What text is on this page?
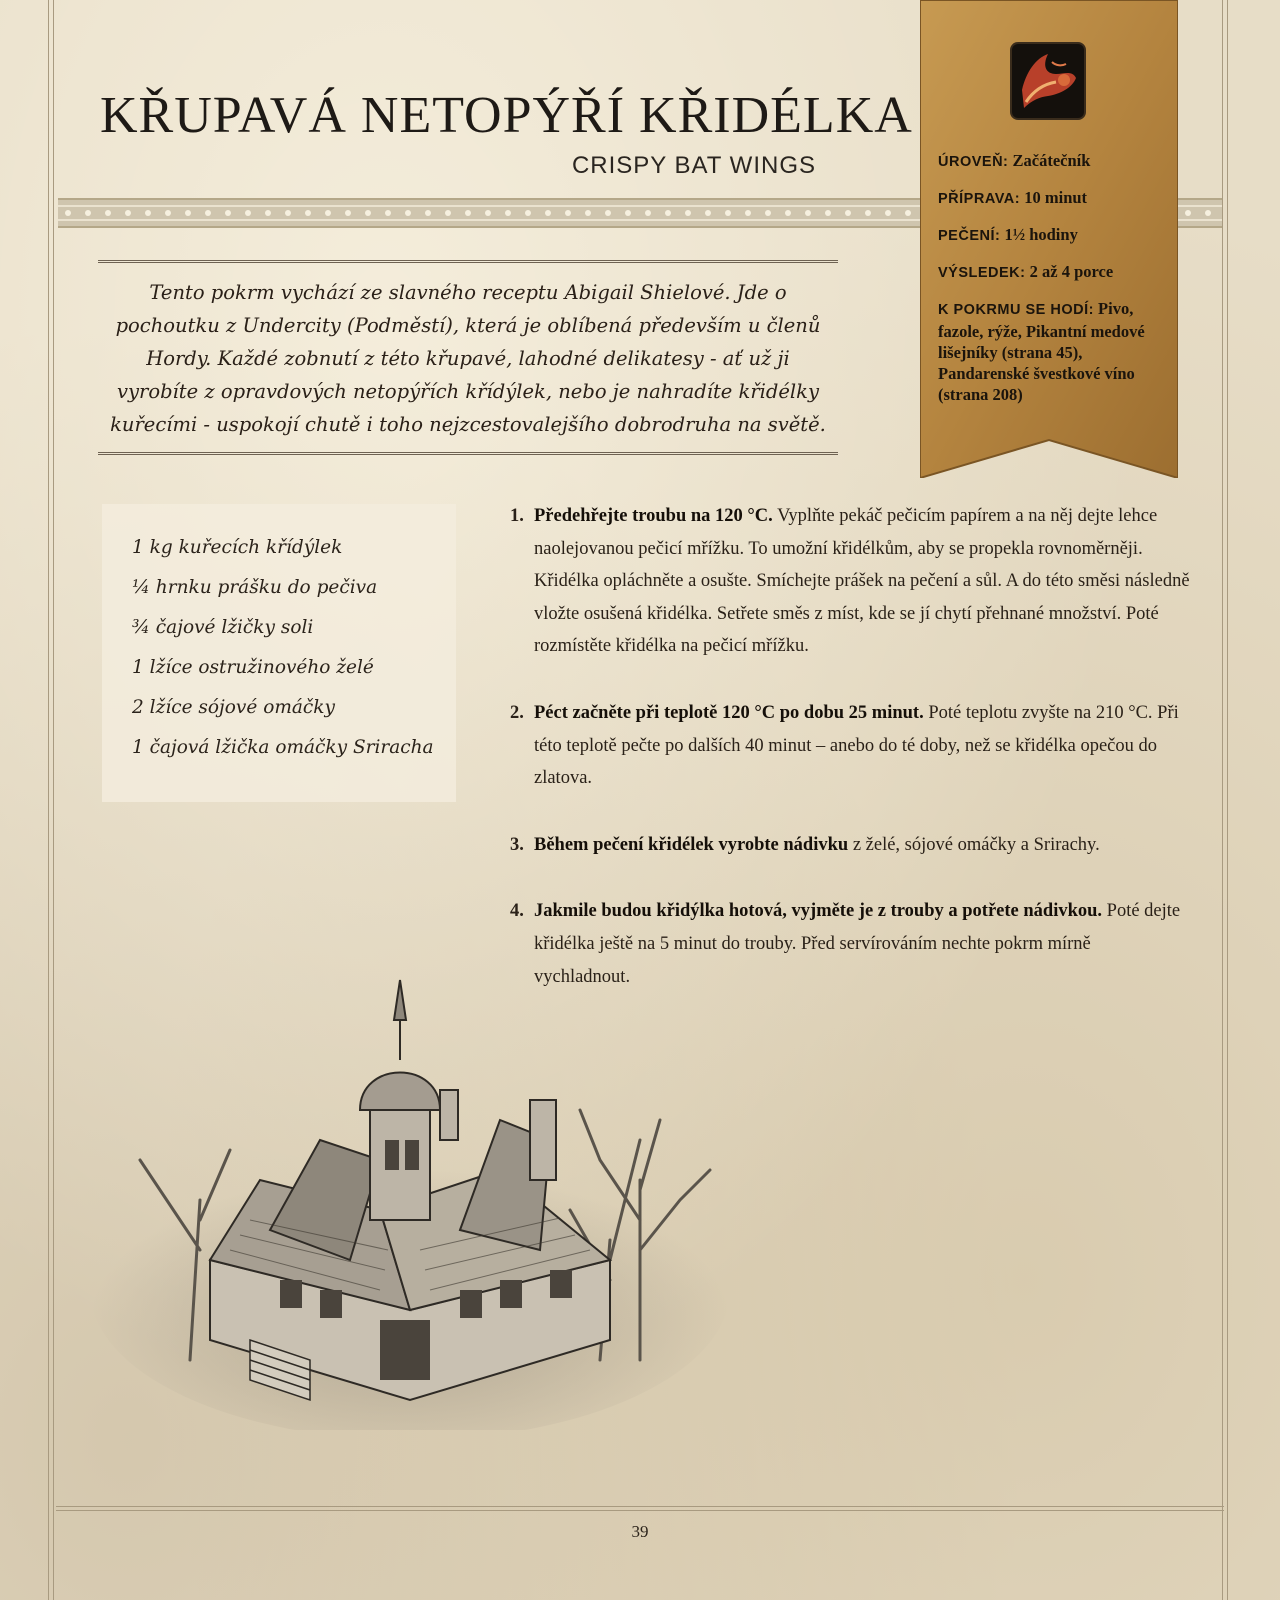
KŘUPAVÁ NETOPÝŘÍ KŘIDÉLKA
CRISPY BAT WINGS

Tento pokrm vychází ze slavného receptu Abigail Shielové. Jde o pochoutku z Undercity (Podměstí), která je oblíbená především u členů Hordy. Každé zobnutí z této křupavé, lahodné delikatesy - ať už ji vyrobíte z opravdových netopýřích křídýlek, nebo je nahradíte křidélky kuřecími - uspokojí chutě i toho nejzcestovalejšího dobrodruha na světě.

ÚROVEŇ: Začátečník
PŘÍPRAVA: 10 minut
PEČENÍ: 1½ hodiny
VÝSLEDEK: 2 až 4 porce
K POKRMU SE HODÍ: Pivo, fazole, rýže, Pikantní medové lišejníky (strana 45), Pandarenské švestkové víno (strana 208)
1 kg kuřecích křídýlek
¼ hrnku prášku do pečiva
¾ čajové lžičky soli
1 lžíce ostružinového želé
2 lžíce sójové omáčky
1 čajová lžička omáčky Sriracha
1. Předehřejte troubu na 120 °C. Vyplňte pekáč pečicím papírem a na něj dejte lehce naolejovanou pečicí mřížku. To umožní křidélkům, aby se propekla rovnoměrněji. Křidélka opláchněte a osušte. Smíchejte prášek na pečení a sůl. A do této směsi následně vložte osušená křidélka. Setřete směs z míst, kde se jí chytí přehnané množství. Poté rozmístěte křidélka na pečicí mřížku.
2. Péct začněte při teplotě 120 °C po dobu 25 minut. Poté teplotu zvyšte na 210 °C. Při této teplotě pečte po dalších 40 minut – anebo do té doby, než se křidélka opečou do zlatova.
3. Během pečení křidélek vyrobte nádivku z želé, sójové omáčky a Srirachy.
4. Jakmile budou křidýlka hotová, vyjměte je z trouby a potřete nádivkou. Poté dejte křidélka ještě na 5 minut do trouby. Před servírováním nechte pokrm mírně vychladnout.
39
